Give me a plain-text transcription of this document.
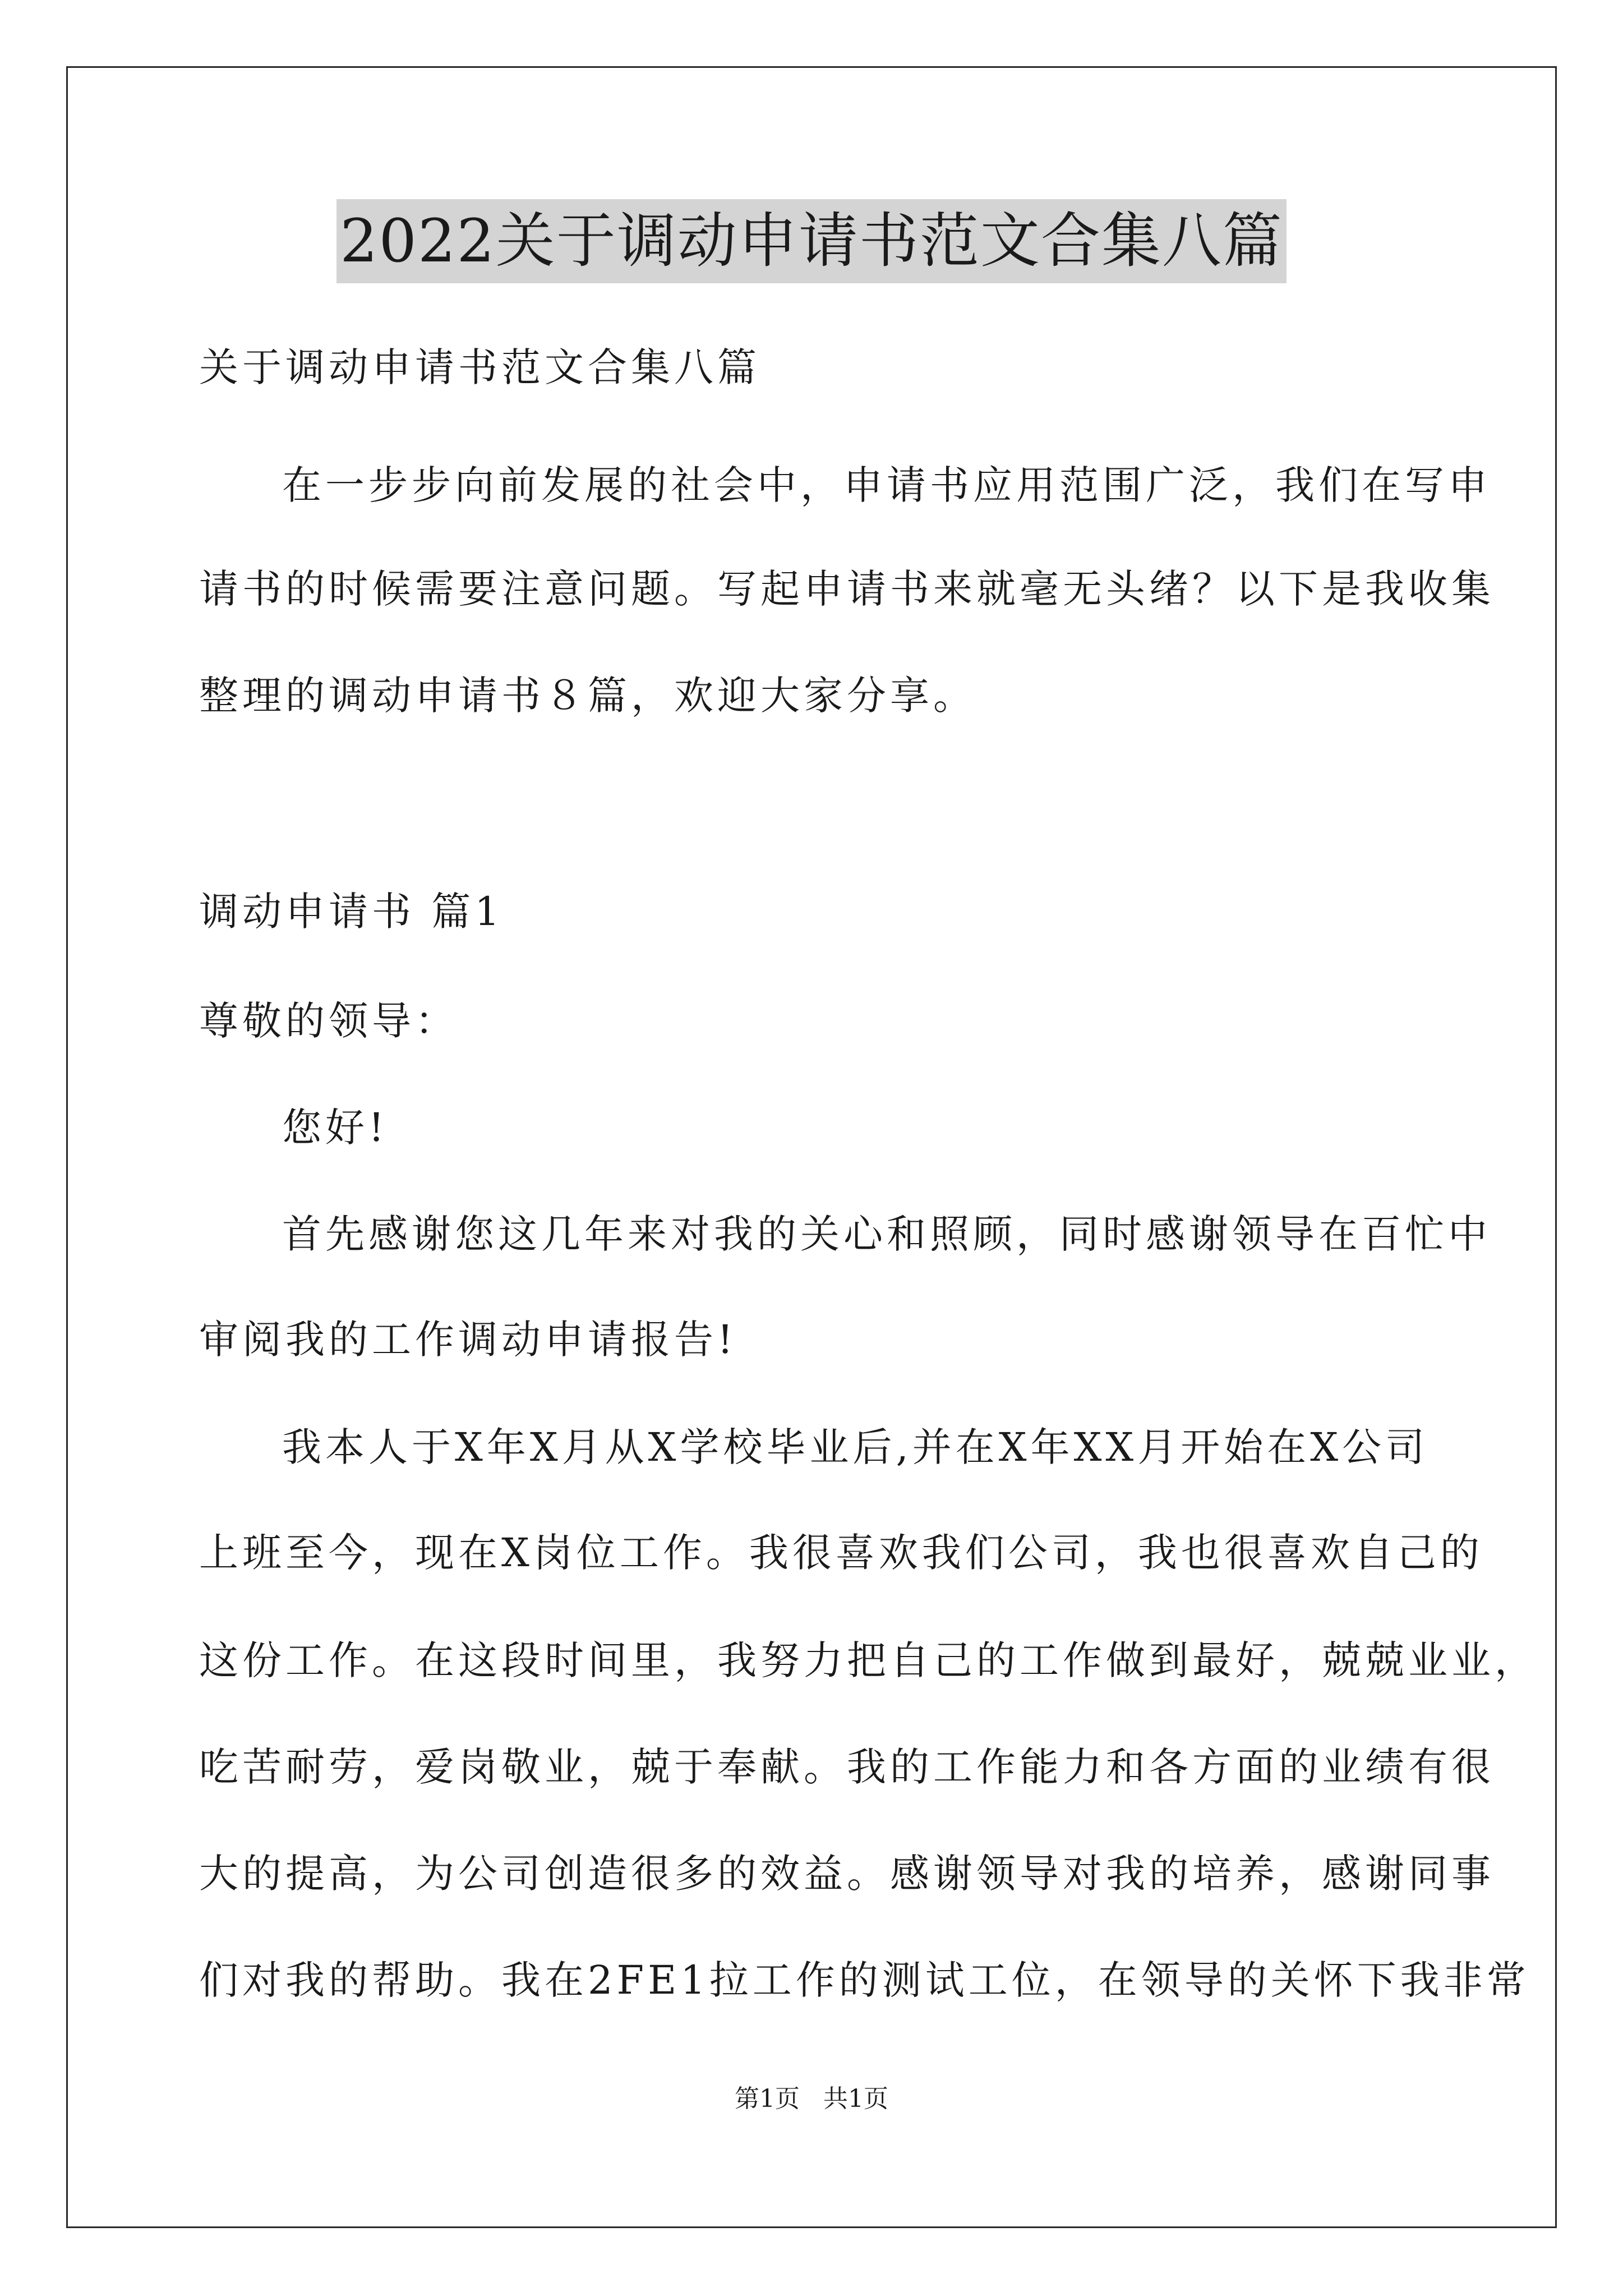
2022关于调动申请书范文合集八篇
关于调动申请书范文合集八篇
在一步步向前发展的社会中，申请书应用范围广泛，我们在写申
请书的时候需要注意问题。写起申请书来就毫无头绪？以下是我收集
整理的调动申请书８篇，欢迎大家分享。
调动申请书 篇1
尊敬的领导：
您好!
首先感谢您这几年来对我的关心和照顾，同时感谢领导在百忙中
审阅我的工作调动申请报告!
我本人于X年X月从X学校毕业后,并在X年XX月开始在X公司
上班至今，现在X岗位工作。我很喜欢我们公司，我也很喜欢自己的
这份工作。在这段时间里，我努力把自己的工作做到最好，兢兢业业，
吃苦耐劳，爱岗敬业，兢于奉献。我的工作能力和各方面的业绩有很
大的提高，为公司创造很多的效益。感谢领导对我的培养，感谢同事
们对我的帮助。我在2FE1拉工作的测试工位，在领导的关怀下我非常
第1页   共1页
